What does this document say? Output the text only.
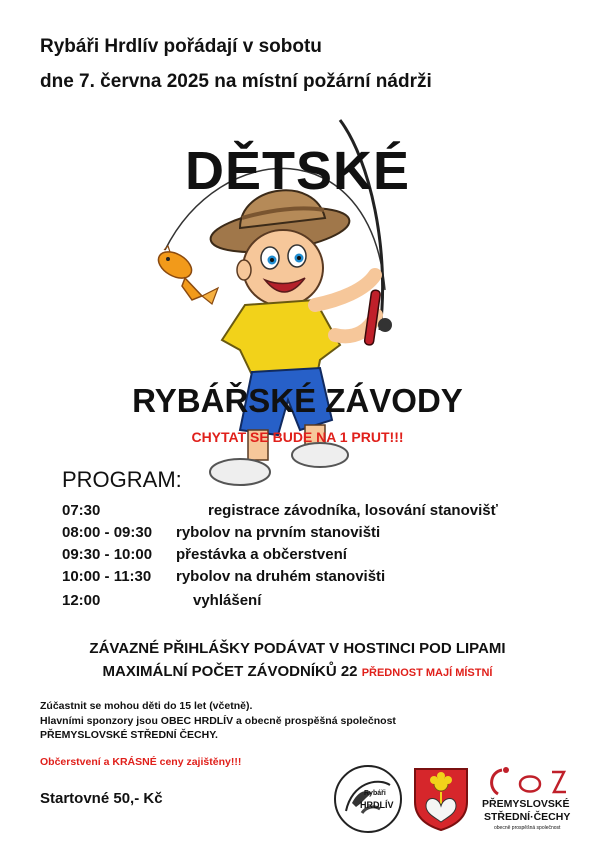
Rybáři Hrdlív pořádají v sobotu
dne 7. června 2025 na místní požární nádrži
DĚTSKÉ
RYBÁŘSKÉ ZÁVODY
CHYTAT SE BUDE NA 1 PRUT!!!
PROGRAM:
07:30	registrace závodníka, losování stanovišť
08:00 - 09:30 rybolov na prvním stanovišti
09:30 - 10:00 přestávka a občerstvení
10:00 - 11:30 rybolov na druhém stanovišti
12:00	vyhlášení
ZÁVAZNÉ PŘIHLÁŠKY PODÁVAT V HOSTINCI POD LIPAMI
MAXIMÁLNÍ POČET ZÁVODNÍKŮ 22 PŘEDNOST MAJÍ MÍSTNÍ
Zúčastnit se mohou děti do 15 let (včetně).
Hlavními sponzory jsou OBEC HRDLÍV a obecně prospěšná společnost
PŘEMYSLOVSKÉ STŘEDNÍ ČECHY.
Občerstvení a KRÁSNÉ ceny zajištěny!!!
Startovné 50,- Kč	Rybáři
HRDLÍV	PŘEMYSLOVSKÉ
STŘEDNÍ·ČECHY
obecně prospěšná společnost
